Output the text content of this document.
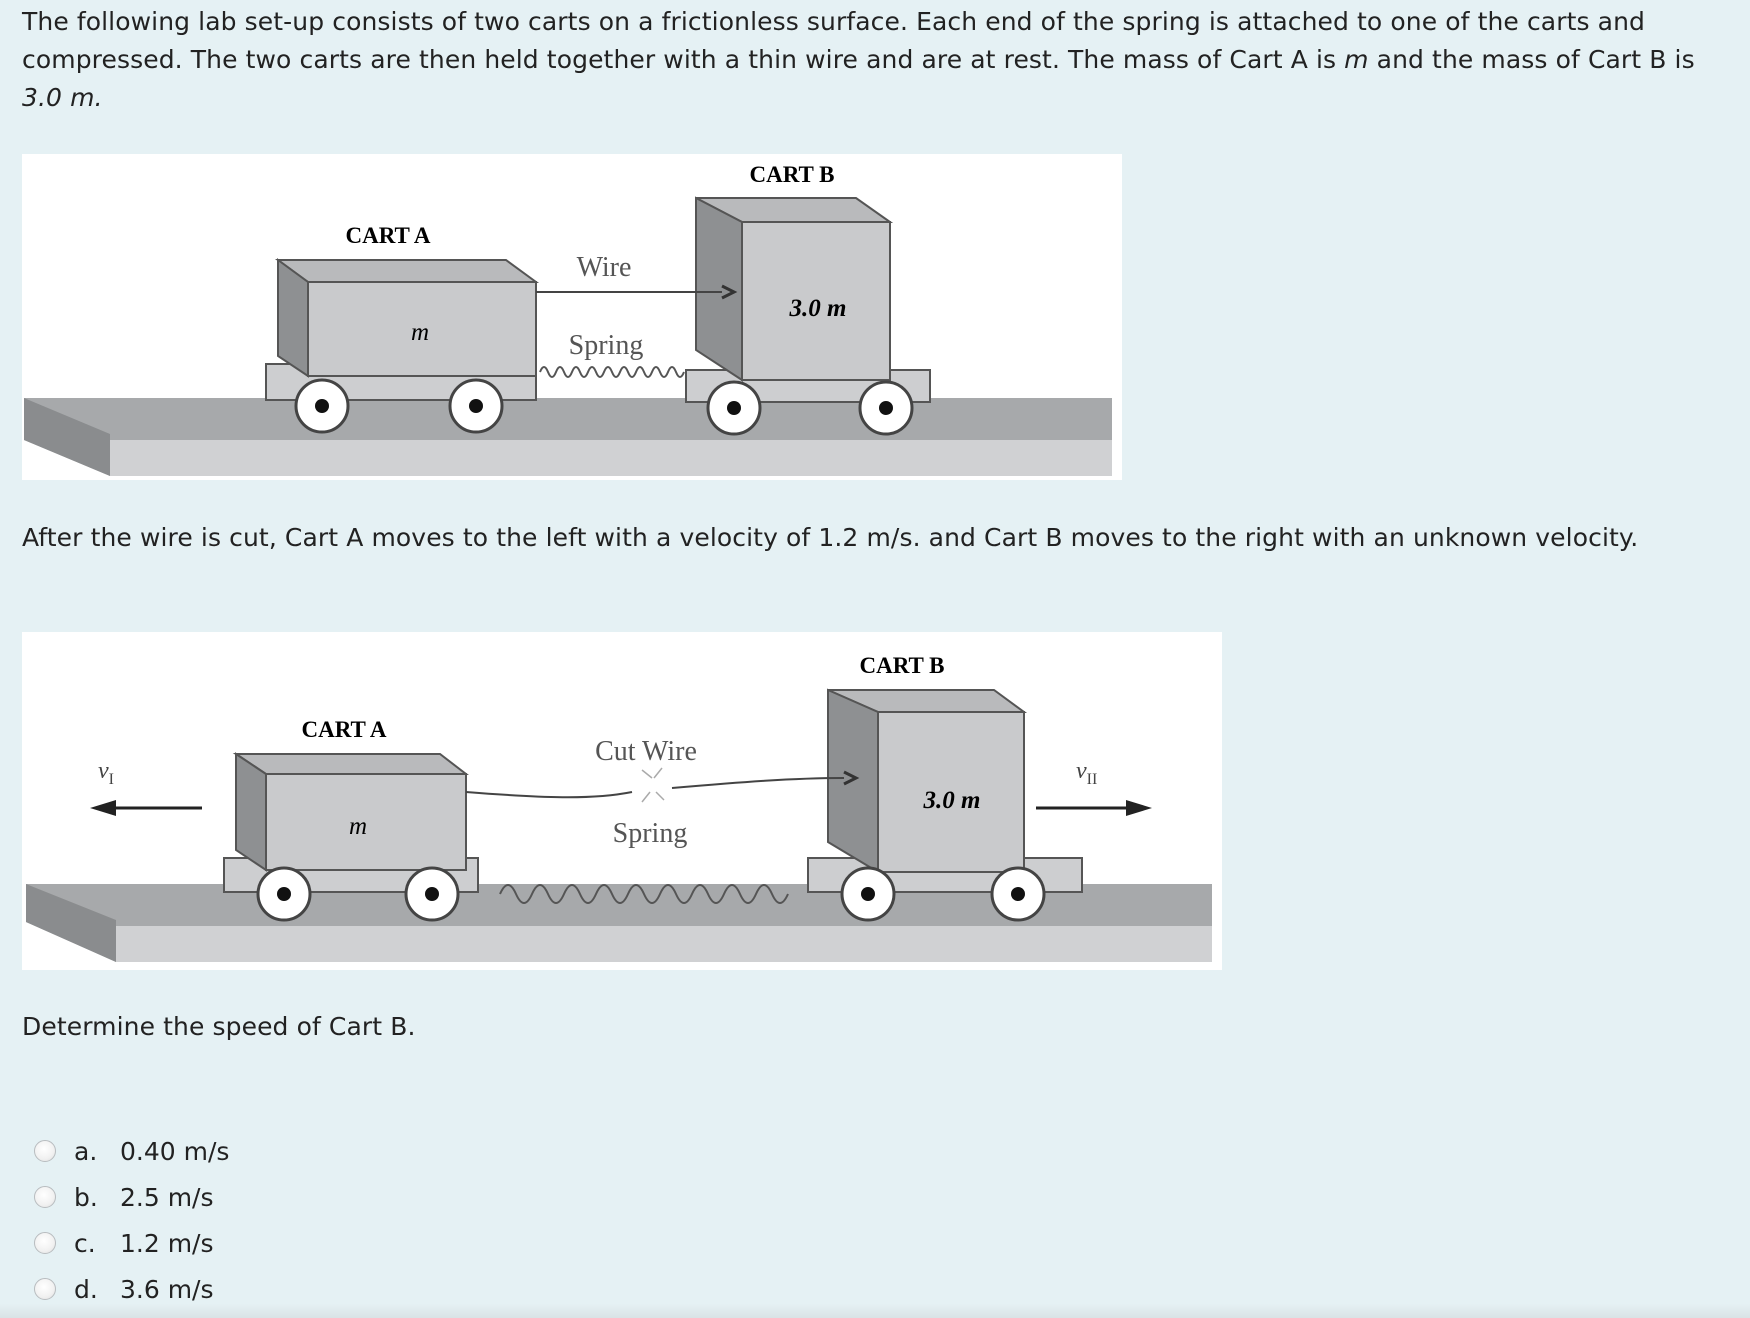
The following lab set-up consists of two carts on a frictionless surface. Each end of the spring is attached to one of the carts and compressed. The two carts are then held together with a thin wire and are at rest. The mass of Cart A is m and the mass of Cart B is 3.0 m.

CART A
m
CART B
3.0 m
Wire
Spring

After the wire is cut, Cart A moves to the left with a velocity of 1.2 m/s. and Cart B moves to the right with an unknown velocity.

CART A
m
CART B
3.0 m
Cut Wire
Spring
$v_I$	$v_{II}$

Determine the speed of Cart B.

a. 0.40 m/s
b. 2.5 m/s
c. 1.2 m/s
d. 3.6 m/s
